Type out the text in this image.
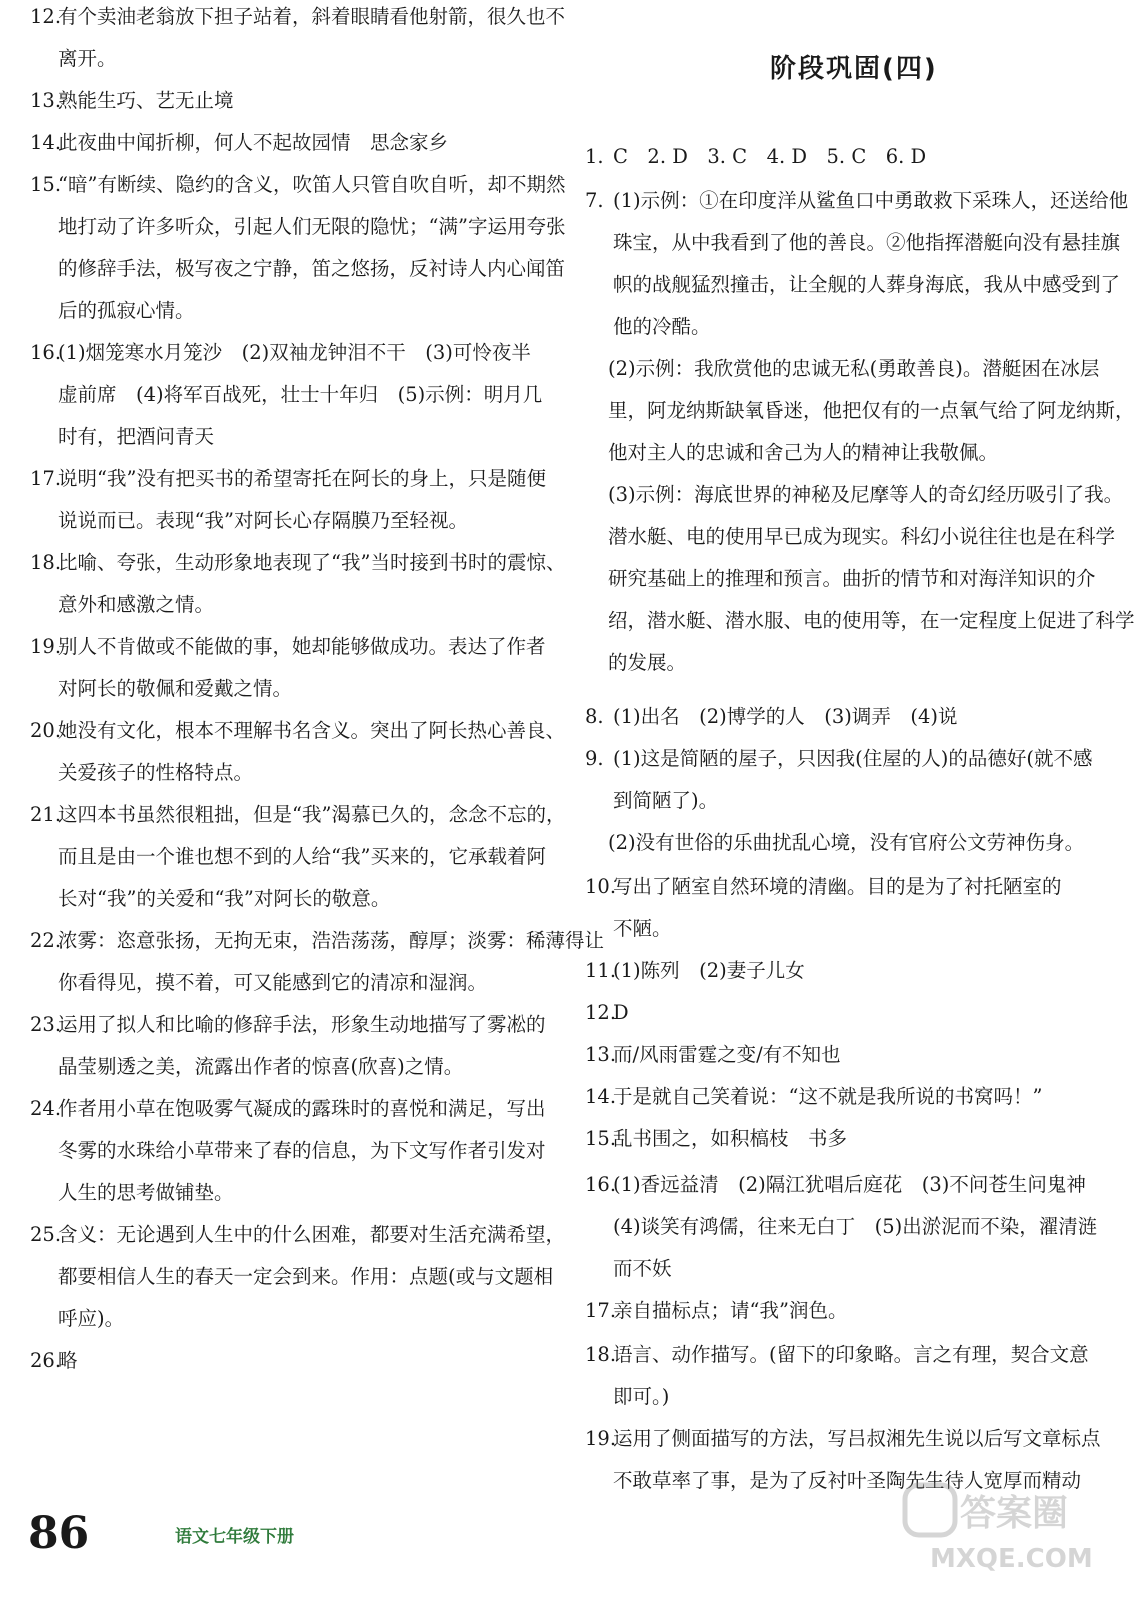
阶段巩固(四)
12.
有个卖油老翁放下担子站着，斜着眼睛看他射箭，很久也不
离开。
13.
熟能生巧、艺无止境
14.
此夜曲中闻折柳，何人不起故园情　思念家乡
15.
“暗”有断续、隐约的含义，吹笛人只管自吹自听，却不期然
地打动了许多听众，引起人们无限的隐忧；“满”字运用夸张
的修辞手法，极写夜之宁静，笛之悠扬，反衬诗人内心闻笛
后的孤寂心情。
16.
(1)烟笼寒水月笼沙　(2)双袖龙钟泪不干　(3)可怜夜半
虚前席　(4)将军百战死，壮士十年归　(5)示例：明月几
时有，把酒问青天
17.
说明“我”没有把买书的希望寄托在阿长的身上，只是随便
说说而已。表现“我”对阿长心存隔膜乃至轻视。
18.
比喻、夸张，生动形象地表现了“我”当时接到书时的震惊、
意外和感激之情。
19.
别人不肯做或不能做的事，她却能够做成功。表达了作者
对阿长的敬佩和爱戴之情。
20.
她没有文化，根本不理解书名含义。突出了阿长热心善良、
关爱孩子的性格特点。
21.
这四本书虽然很粗拙，但是“我”渴慕已久的，念念不忘的，
而且是由一个谁也想不到的人给“我”买来的，它承载着阿
长对“我”的关爱和“我”对阿长的敬意。
22.
浓雾：恣意张扬，无拘无束，浩浩荡荡，醇厚；淡雾：稀薄得让
你看得见，摸不着，可又能感到它的清凉和湿润。
23.
运用了拟人和比喻的修辞手法，形象生动地描写了雾凇的
晶莹剔透之美，流露出作者的惊喜(欣喜)之情。
24.
作者用小草在饱吸雾气凝成的露珠时的喜悦和满足，写出
冬雾的水珠给小草带来了春的信息，为下文写作者引发对
人生的思考做铺垫。
25.
含义：无论遇到人生中的什么困难，都要对生活充满希望，
都要相信人生的春天一定会到来。作用：点题(或与文题相
呼应)。
26.
略
1. C　2. D　3. C　4. D　5. C　6. D
7. (1)示例：①在印度洋从鲨鱼口中勇敢救下采珠人，还送给他
珠宝，从中我看到了他的善良。②他指挥潜艇向没有悬挂旗
帜的战舰猛烈撞击，让全舰的人葬身海底，我从中感受到了
他的冷酷。
(2)示例：我欣赏他的忠诚无私(勇敢善良)。潜艇困在冰层
里，阿龙纳斯缺氧昏迷，他把仅有的一点氧气给了阿龙纳斯，
他对主人的忠诚和舍己为人的精神让我敬佩。
(3)示例：海底世界的神秘及尼摩等人的奇幻经历吸引了我。
潜水艇、电的使用早已成为现实。科幻小说往往也是在科学
研究基础上的推理和预言。曲折的情节和对海洋知识的介
绍，潜水艇、潜水服、电的使用等，在一定程度上促进了科学
的发展。
8. (1)出名　(2)博学的人　(3)调弄　(4)说
9. (1)这是简陋的屋子，只因我(住屋的人)的品德好(就不感
到简陋了)。
(2)没有世俗的乐曲扰乱心境，没有官府公文劳神伤身。
10.
写出了陋室自然环境的清幽。目的是为了衬托陋室的
不陋。
11.
(1)陈列　(2)妻子儿女
12.
D
13.
而/风雨雷霆之变/有不知也
14.
于是就自己笑着说：“这不就是我所说的书窝吗！”
15.
乱书围之，如积槁枝　书多
16.
(1)香远益清　(2)隔江犹唱后庭花　(3)不问苍生问鬼神
(4)谈笑有鸿儒，往来无白丁　(5)出淤泥而不染，濯清涟
而不妖
17.
亲自描标点；请“我”润色。
18.
语言、动作描写。(留下的印象略。言之有理，契合文意
即可。)
19.
运用了侧面描写的方法，写吕叔湘先生说以后写文章标点
不敢草率了事，是为了反衬叶圣陶先生待人宽厚而精动
86	语文七年级下册
答案圈
MXQE.COM
